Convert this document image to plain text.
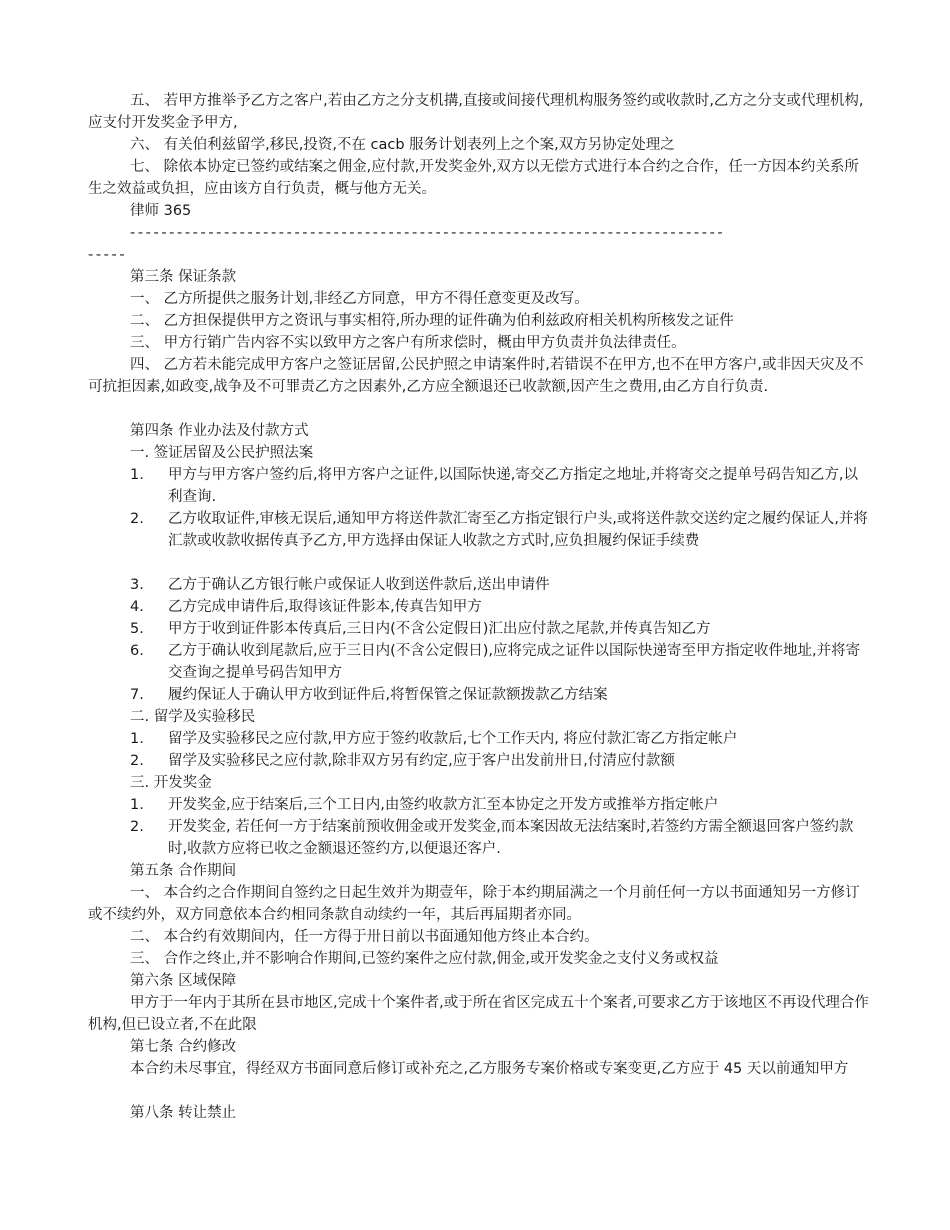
五、 若甲方推举予乙方之客户,若由乙方之分支机搆,直接或间接代理机构服务签约或收款时,乙方之分支或代理机构,应支付开发奖金予甲方,

六、 有关伯利兹留学,移民,投资,不在 cacb 服务计划表列上之个案,双方另协定处理之

七、 除依本协定已签约或结案之佣金,应付款,开发奖金外,双方以无偿方式进行本合约之合作，任一方因本约关系所生之效益或负担，应由该方自行负责，概与他方无关。

律师 365
----------------------------------------------------------------------------
-----
第三条 保证条款
一、 乙方所提供之服务计划,非经乙方同意，甲方不得任意变更及改写。
二、 乙方担保提供甲方之资讯与事实相符,所办理的证件确为伯利兹政府相关机构所核发之证件
三、 甲方行销广告内容不实以致甲方之客户有所求偿时，概由甲方负责并负法律责任。

四、 乙方若未能完成甲方客户之签证居留,公民护照之申请案件时,若错误不在甲方,也不在甲方客户,或非因天灾及不可抗拒因素,如政变,战争及不可罪责乙方之因素外,乙方应全额退还已收款额,因产生之费用,由乙方自行负责.

第四条 作业办法及付款方式
一. 签证居留及公民护照法案
1. 甲方与甲方客户签约后,将甲方客户之证件,以国际快递,寄交乙方指定之地址,并将寄交之提单号码告知乙方,以利查询.
2. 乙方收取证件,审核无误后,通知甲方将送件款汇寄至乙方指定银行户头,或将送件款交送约定之履约保证人,并将汇款或收款收据传真予乙方,甲方选择由保证人收款之方式时,应负担履约保证手续费
3. 乙方于确认乙方银行帐户或保证人收到送件款后,送出申请件
4. 乙方完成申请件后,取得该证件影本,传真告知甲方
5. 甲方于收到证件影本传真后,三日内(不含公定假日)汇出应付款之尾款,并传真告知乙方
6. 乙方于确认收到尾款后,应于三日内(不含公定假日),应将完成之证件以国际快递寄至甲方指定收件地址,并将寄交查询之提单号码告知甲方
7. 履约保证人于确认甲方收到证件后,将暂保管之保证款额拨款乙方结案
二. 留学及实验移民
1. 留学及实验移民之应付款,甲方应于签约收款后,七个工作天内, 将应付款汇寄乙方指定帐户
2. 留学及实验移民之应付款,除非双方另有约定,应于客户出发前卅日,付清应付款额
三. 开发奖金
1. 开发奖金,应于结案后,三个工日内,由签约收款方汇至本协定之开发方或推举方指定帐户
2. 开发奖金, 若任何一方于结案前预收佣金或开发奖金,而本案因故无法结案时,若签约方需全额退回客户签约款时,收款方应将已收之金额退还签约方,以便退还客户.
第五条 合作期间

一、 本合约之合作期间自签约之日起生效并为期壹年，除于本约期届满之一个月前任何一方以书面通知另一方修订或不续约外，双方同意依本合约相同条款自动续约一年，其后再届期者亦同。

二、 本合约有效期间内，任一方得于卅日前以书面通知他方终止本合约。
三、 合作之终止,并不影响合作期间,已签约案件之应付款,佣金,或开发奖金之支付义务或权益
第六条 区域保障

甲方于一年内于其所在县市地区,完成十个案件者,或于所在省区完成五十个案者,可要求乙方于该地区不再设代理合作机构,但已设立者,不在此限

第七条 合约修改

本合约未尽事宜，得经双方书面同意后修订或补充之,乙方服务专案价格或专案变更,乙方应于 45 天以前通知甲方

第八条 转让禁止
